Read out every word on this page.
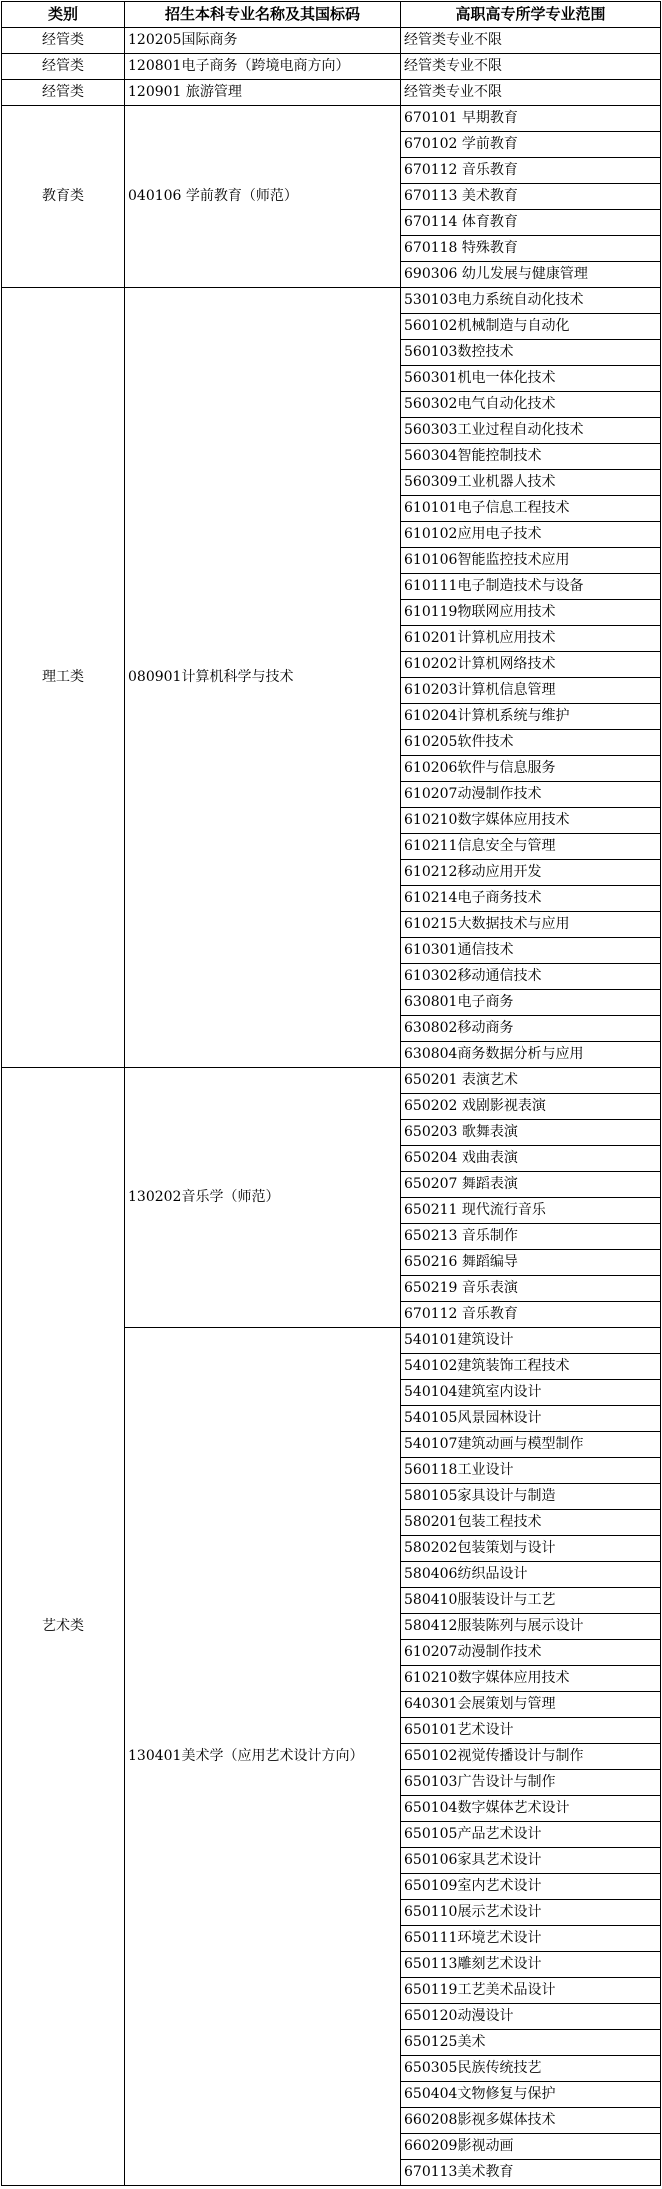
类别	招生本科专业名称及其国标码	高职高专所学专业范围
经管类	120205国际商务	经管类专业不限
经管类	120801电子商务（跨境电商方向）	经管类专业不限
经管类	120901 旅游管理	经管类专业不限
教育类	040106 学前教育（师范）	670101 早期教育
		670102 学前教育
		670112 音乐教育
		670113 美术教育
		670114 体育教育
		670118 特殊教育
		690306 幼儿发展与健康管理
理工类	080901计算机科学与技术	530103电力系统自动化技术
		560102机械制造与自动化
		560103数控技术
		560301机电一体化技术
		560302电气自动化技术
		560303工业过程自动化技术
		560304智能控制技术
		560309工业机器人技术
		610101电子信息工程技术
		610102应用电子技术
		610106智能监控技术应用
		610111电子制造技术与设备
		610119物联网应用技术
		610201计算机应用技术
		610202计算机网络技术
		610203计算机信息管理
		610204计算机系统与维护
		610205软件技术
		610206软件与信息服务
		610207动漫制作技术
		610210数字媒体应用技术
		610211信息安全与管理
		610212移动应用开发
		610214电子商务技术
		610215大数据技术与应用
		610301通信技术
		610302移动通信技术
		630801电子商务
		630802移动商务
		630804商务数据分析与应用
艺术类	130202音乐学（师范）	650201 表演艺术
		650202 戏剧影视表演
		650203 歌舞表演
		650204 戏曲表演
		650207 舞蹈表演
		650211 现代流行音乐
		650213 音乐制作
		650216 舞蹈编导
		650219 音乐表演
		670112 音乐教育
	130401美术学（应用艺术设计方向）	540101建筑设计
		540102建筑装饰工程技术
		540104建筑室内设计
		540105风景园林设计
		540107建筑动画与模型制作
		560118工业设计
		580105家具设计与制造
		580201包装工程技术
		580202包装策划与设计
		580406纺织品设计
		580410服装设计与工艺
		580412服装陈列与展示设计
		610207动漫制作技术
		610210数字媒体应用技术
		640301会展策划与管理
		650101艺术设计
		650102视觉传播设计与制作
		650103广告设计与制作
		650104数字媒体艺术设计
		650105产品艺术设计
		650106家具艺术设计
		650109室内艺术设计
		650110展示艺术设计
		650111环境艺术设计
		650113雕刻艺术设计
		650119工艺美术品设计
		650120动漫设计
		650125美术
		650305民族传统技艺
		650404文物修复与保护
		660208影视多媒体技术
		660209影视动画
		670113美术教育
